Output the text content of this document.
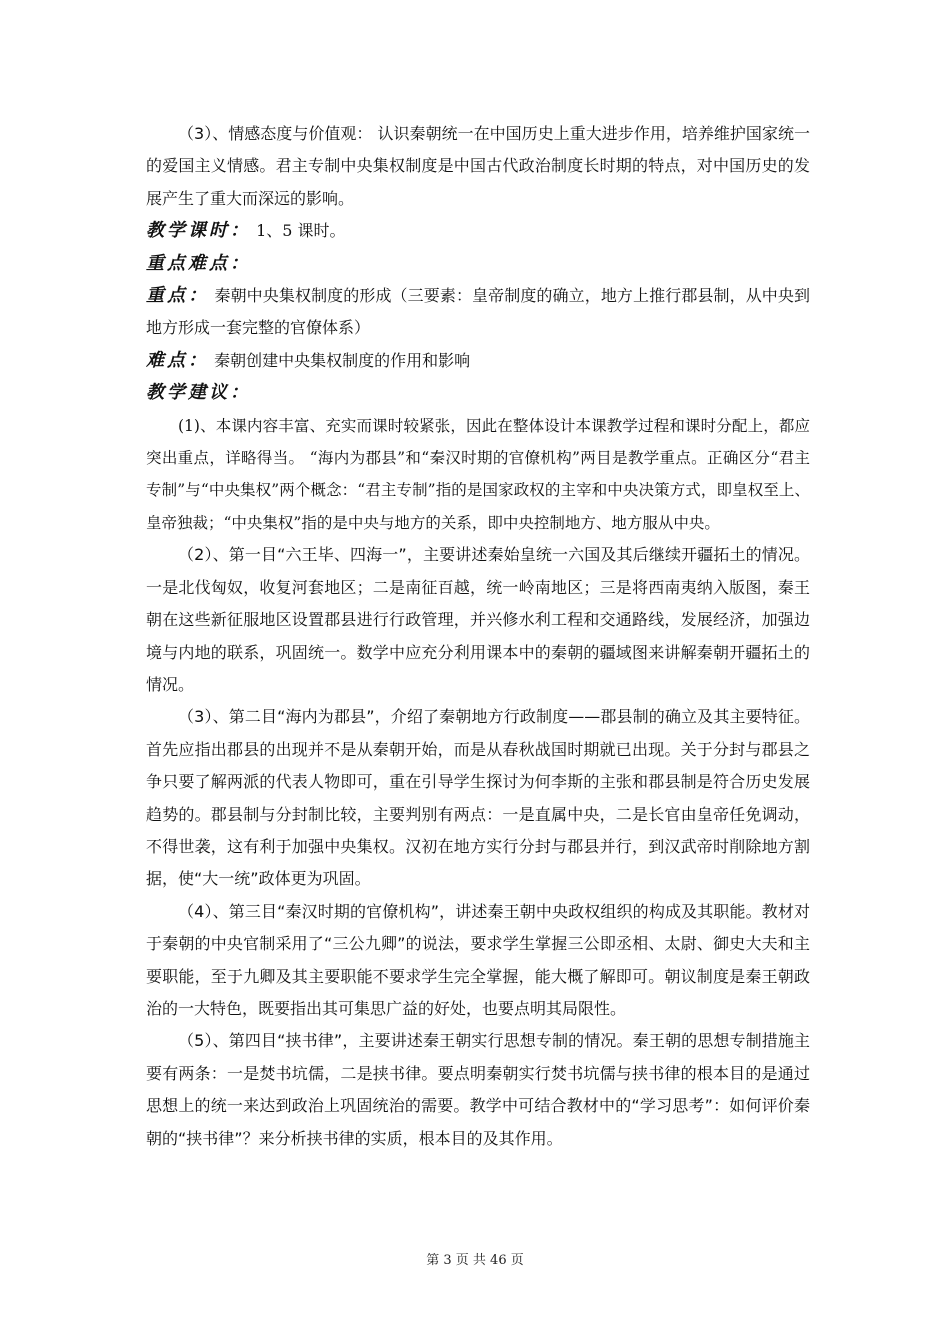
（3）、情感态度与价值观： 认识秦朝统一在中国历史上重大进步作用，培养维护国家统一的爱国主义情感。君主专制中央集权制度是中国古代政治制度长时期的特点，对中国历史的发展产生了重大而深远的影响。

教学课时： 1、5 课时。
重点难点：

重点： 秦朝中央集权制度的形成（三要素：皇帝制度的确立，地方上推行郡县制，从中央到地方形成一套完整的官僚体系）

难点： 秦朝创建中央集权制度的作用和影响
教学建议：

(1)、本课内容丰富、充实而课时较紧张，因此在整体设计本课教学过程和课时分配上，都应突出重点，详略得当。 “海内为郡县”和“秦汉时期的官僚机构”两目是教学重点。正确区分“君主专制”与“中央集权”两个概念：“君主专制”指的是国家政权的主宰和中央决策方式，即皇权至上、皇帝独裁；“中央集权”指的是中央与地方的关系，即中央控制地方、地方服从中央。

（2）、第一目“六王毕、四海一”，主要讲述秦始皇统一六国及其后继续开疆拓土的情况。一是北伐匈奴，收复河套地区；二是南征百越，统一岭南地区；三是将西南夷纳入版图，秦王朝在这些新征服地区设置郡县进行行政管理，并兴修水利工程和交通路线，发展经济，加强边境与内地的联系，巩固统一。数学中应充分利用课本中的秦朝的疆域图来讲解秦朝开疆拓土的情况。

（3）、第二目“海内为郡县”，介绍了秦朝地方行政制度——郡县制的确立及其主要特征。首先应指出郡县的出现并不是从秦朝开始，而是从春秋战国时期就已出现。关于分封与郡县之争只要了解两派的代表人物即可，重在引导学生探讨为何李斯的主张和郡县制是符合历史发展趋势的。郡县制与分封制比较，主要判别有两点：一是直属中央，二是长官由皇帝任免调动，不得世袭，这有利于加强中央集权。汉初在地方实行分封与郡县并行，到汉武帝时削除地方割据，使“大一统”政体更为巩固。

（4）、第三目“秦汉时期的官僚机构”，讲述秦王朝中央政权组织的构成及其职能。教材对于秦朝的中央官制采用了“三公九卿”的说法，要求学生掌握三公即丞相、太尉、御史大夫和主要职能，至于九卿及其主要职能不要求学生完全掌握，能大概了解即可。朝议制度是秦王朝政治的一大特色，既要指出其可集思广益的好处，也要点明其局限性。

（5）、第四目“挟书律”，主要讲述秦王朝实行思想专制的情况。秦王朝的思想专制措施主要有两条：一是焚书坑儒，二是挟书律。要点明秦朝实行焚书坑儒与挟书律的根本目的是通过思想上的统一来达到政治上巩固统治的需要。教学中可结合教材中的“学习思考”：如何评价秦朝的“挟书律”？来分析挟书律的实质，根本目的及其作用。

第 3 页 共 46 页
